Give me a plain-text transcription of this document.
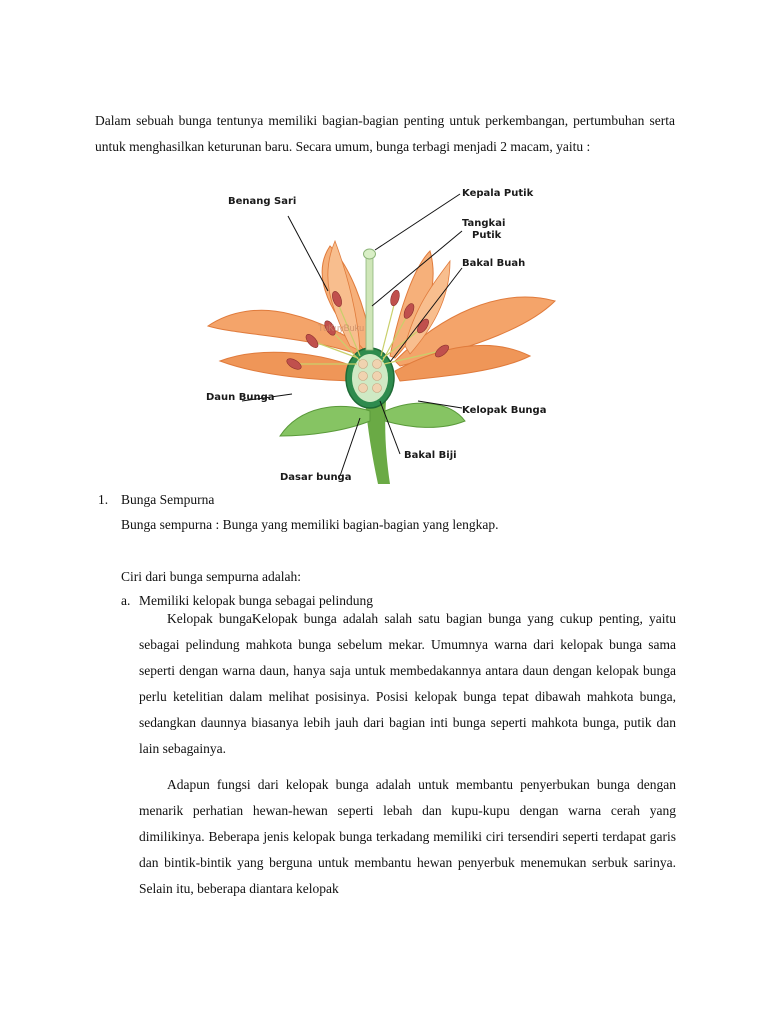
Dalam sebuah bunga tentunya memiliki bagian-bagian penting untuk perkembangan, pertumbuhan serta untuk menghasilkan keturunan baru. Secara umum, bunga terbagi menjadi 2 macam, yaitu :

TuKuyBuku
Benang Sari
Kepala Putik
Tangkai
Putik
Bakal Buah
Daun Bunga
Kelopak Bunga
Bakal Biji
Dasar bunga
1. Bunga Sempurna
Bunga sempurna : Bunga yang memiliki bagian-bagian yang lengkap.
Ciri dari bunga sempurna adalah:
a. Memiliki kelopak bunga sebagai pelindung

Kelopak bungaKelopak bunga adalah salah satu bagian bunga yang cukup penting, yaitu sebagai pelindung mahkota bunga sebelum mekar. Umumnya warna dari kelopak bunga sama seperti dengan warna daun, hanya saja untuk membedakannya antara daun dengan kelopak bunga perlu ketelitian dalam melihat posisinya. Posisi kelopak bunga tepat dibawah mahkota bunga, sedangkan daunnya biasanya lebih jauh dari bagian inti bunga seperti mahkota bunga, putik dan lain sebagainya.

Adapun fungsi dari kelopak bunga adalah untuk membantu penyerbukan bunga dengan menarik perhatian hewan-hewan seperti lebah dan kupu-kupu dengan warna cerah yang dimilikinya. Beberapa jenis kelopak bunga terkadang memiliki ciri tersendiri seperti terdapat garis dan bintik-bintik yang berguna untuk membantu hewan penyerbuk menemukan serbuk sarinya. Selain itu, beberapa diantara kelopak
